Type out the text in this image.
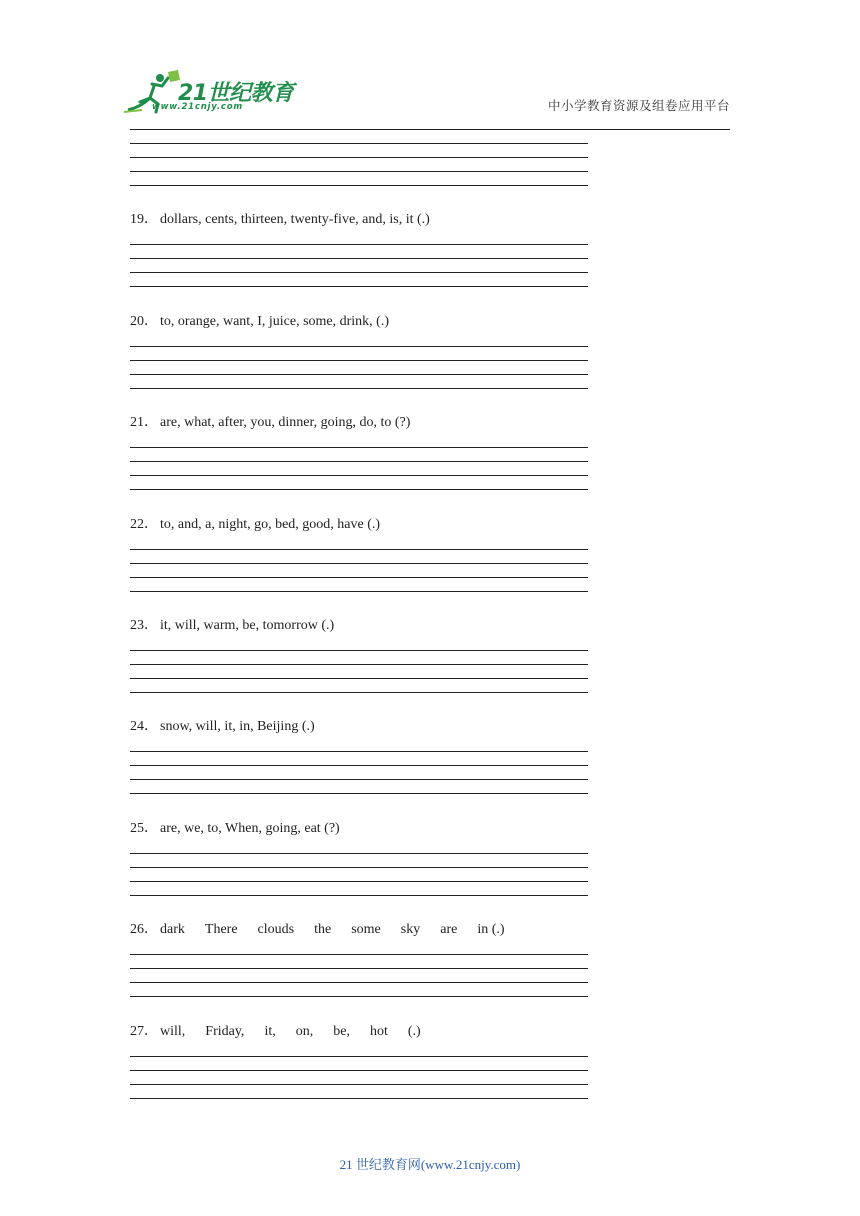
21世纪教育
www.21cnjy.com	中小学教育资源及组卷应用平台
19． dollars, cents, thirteen, twenty-five, and, is, it (.)
20． to, orange, want, I, juice, some, drink, (.)
21． are, what, after, you, dinner, going, do, to (?)
22． to, and, a, night, go, bed, good, have (.)
23． it, will, warm, be, tomorrow (.)
24． snow, will, it, in, Beijing (.)
25． are, we, to, When, going, eat (?)
26． dark There clouds the some sky are in (.)
27． will, Friday, it, on, be, hot (.)
21 世纪教育网(www.21cnjy.com)
